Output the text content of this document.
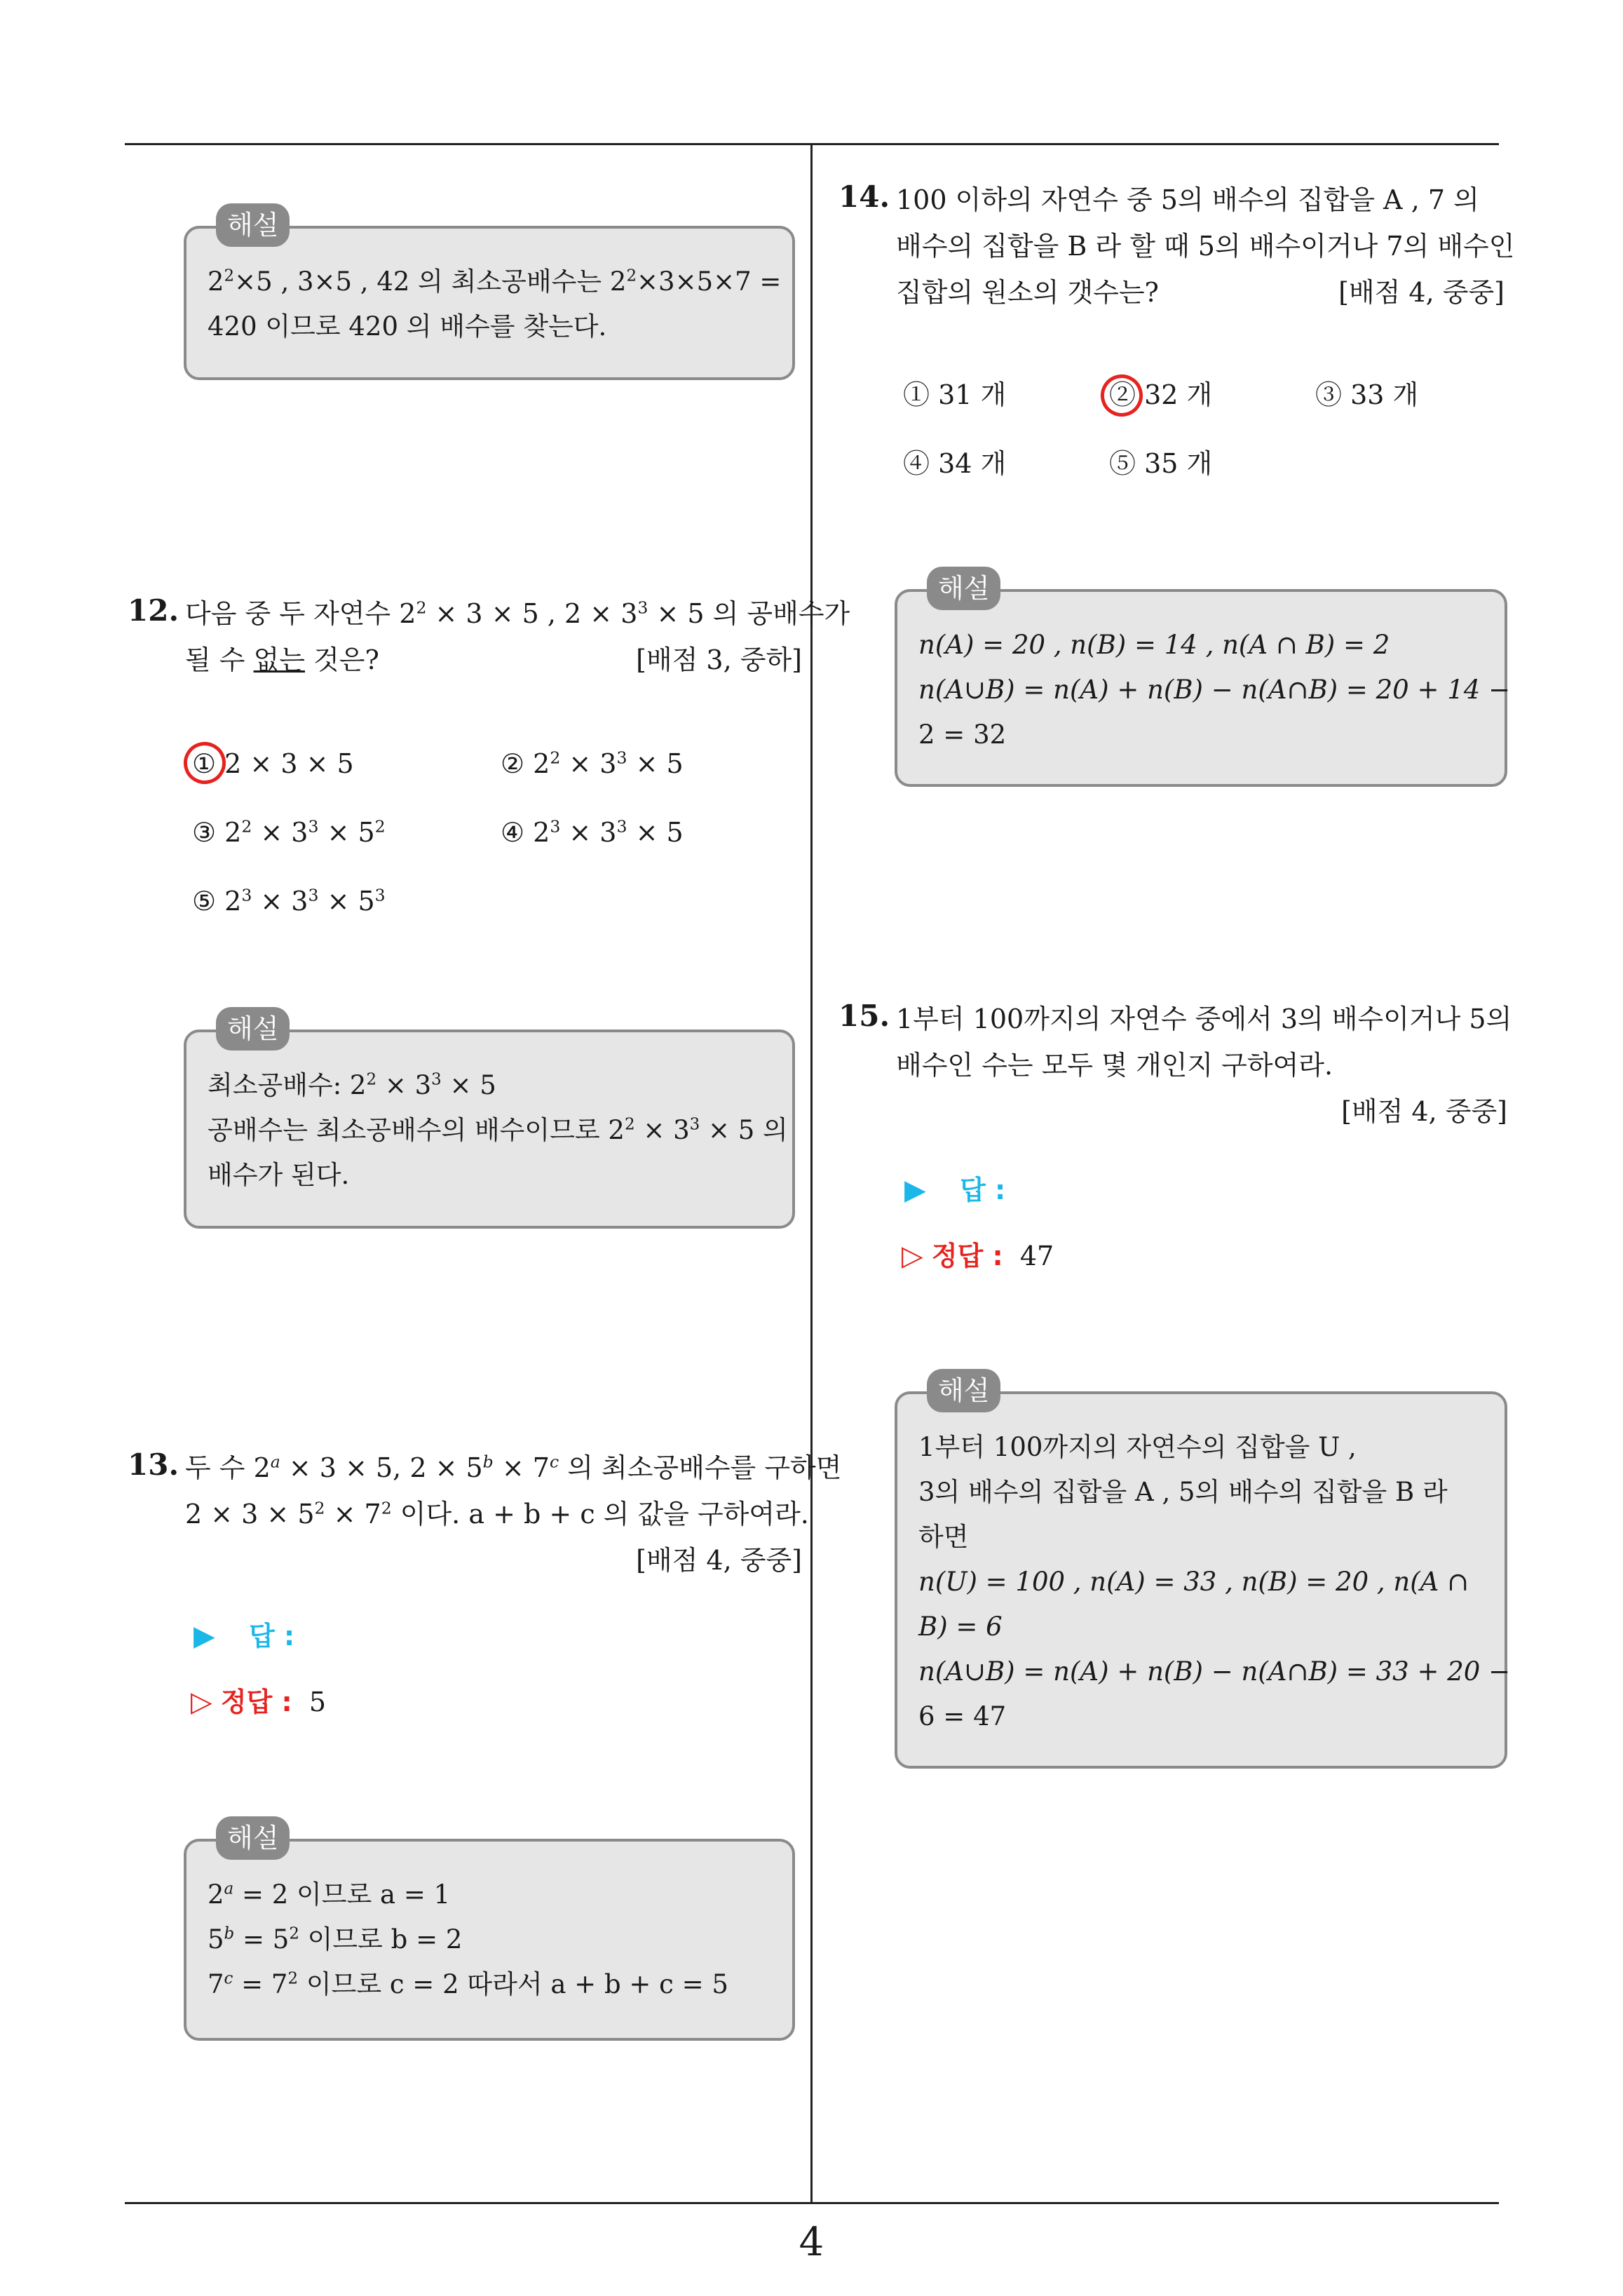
해설
$2^2\times 5$ , 3×5 , 42 의 최소공배수는 $2^2\times 3\times 5\times 7$ =
420 이므로 420 의 배수를 찾는다.
12. 다음 중 두 자연수 $2^2 \times 3 \times 5$ , $2 \times 3^3 \times 5$ 의 공배수가
될 수 없는 것은?	[배점 3, 중하]
① 2 × 3 × 5	② $2^2 \times 3^3 \times 5$
③ $2^2 \times 3^3 \times 5^2$	④ $2^3 \times 3^3 \times 5$
⑤ $2^3 \times 3^3 \times 5^3$
해설
최소공배수: $2^2 \times 3^3 \times 5$
공배수는 최소공배수의 배수이므로 $2^2 \times 3^3 \times 5$ 의
배수가 된다.
13. 두 수 $2^a \times 3 \times 5$, $2 \times 5^b \times 7^c$ 의 최소공배수를 구하면
$2 \times 3 \times 5^2 \times 7^2$ 이다. a + b + c 의 값을 구하여라.
[배점 4, 중중]
▶ 답 :
▷ 정답 : 5
해설
$2^a = 2$ 이므로 a = 1
$5^b = 5^2$ 이므로 b = 2
$7^c = 7^2$ 이므로 c = 2 따라서 a + b + c = 5
14. 100 이하의 자연수 중 5의 배수의 집합을 A , 7 의
배수의 집합을 B 라 할 때 5의 배수이거나 7의 배수인
집합의 원소의 갯수는?	[배점 4, 중중]
① 31 개	② 32 개	③ 33 개
④ 34 개	⑤ 35 개
해설
n(A) = 20 , n(B) = 14 , n(A ∩ B) = 2
n(A∪B) = n(A) + n(B) − n(A∩B) = 20 + 14 −
2 = 32
15. 1부터 100까지의 자연수 중에서 3의 배수이거나 5의
배수인 수는 모두 몇 개인지 구하여라.
[배점 4, 중중]
▶ 답 :
▷ 정답 : 47
해설
1부터 100까지의 자연수의 집합을 U ,
3의 배수의 집합을 A , 5의 배수의 집합을 B 라
하면
n(U) = 100 , n(A) = 33 , n(B) = 20 , n(A ∩
B) = 6
n(A∪B) = n(A) + n(B) − n(A∩B) = 33 + 20 −
6 = 47
4
